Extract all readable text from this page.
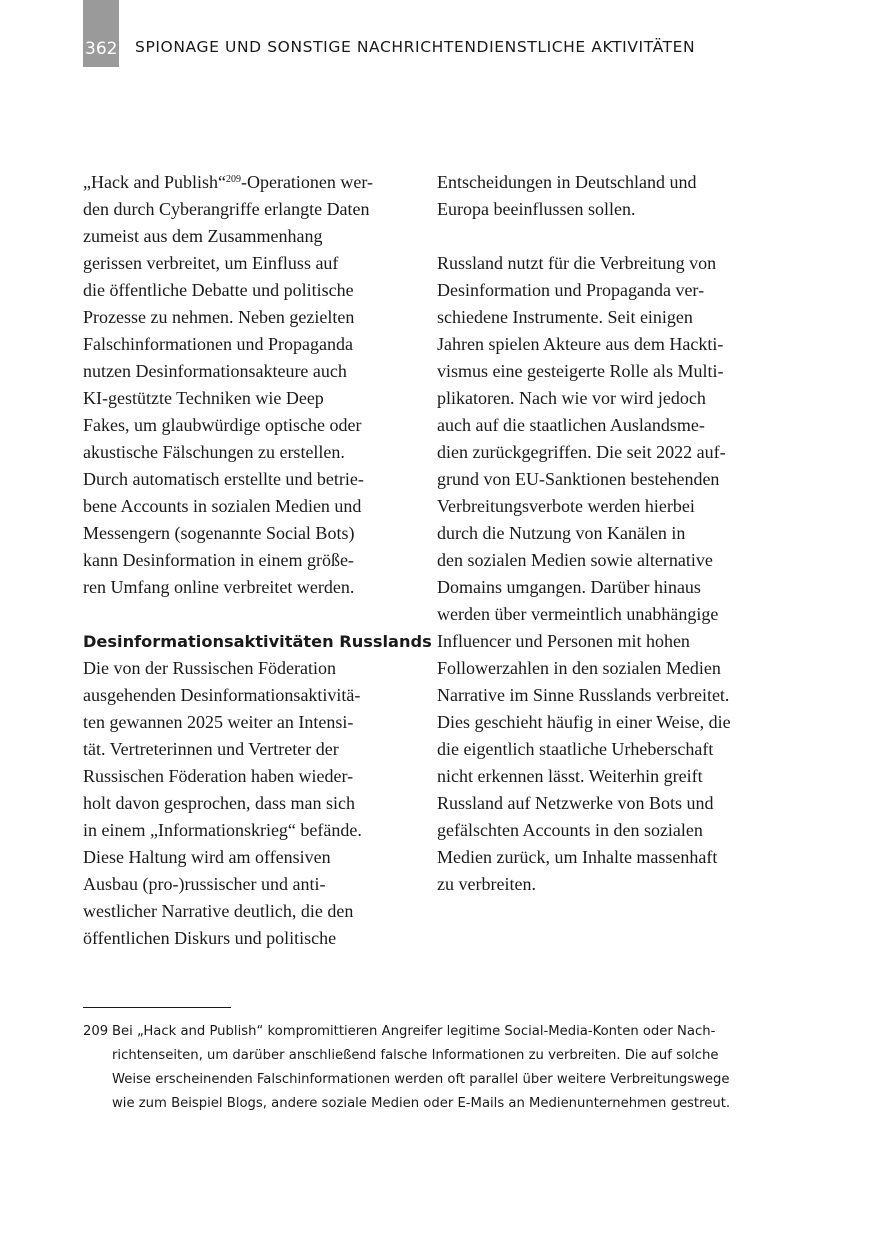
362 SPIONAGE UND SONSTIGE NACHRICHTENDIENSTLICHE AKTIVITÄTEN
„Hack and Publish“$^{209}$-Operationen wer-
den durch Cyberangriffe erlangte Daten
zumeist aus dem Zusammenhang
gerissen verbreitet, um Einfluss auf
die öffentliche Debatte und politische
Prozesse zu nehmen. Neben gezielten
Falschinformationen und Propaganda
nutzen Desinformationsakteure auch
KI-gestützte Techniken wie Deep
Fakes, um glaubwürdige optische oder
akustische Fälschungen zu erstellen.
Durch automatisch erstellte und betrie-
bene Accounts in sozialen Medien und
Messengern (sogenannte Social Bots)
kann Desinformation in einem größe-
ren Umfang online verbreitet werden.
Desinformationsaktivitäten Russlands
Die von der Russischen Föderation
ausgehenden Desinformationsaktivitä-
ten gewannen 2025 weiter an Intensi-
tät. Vertreterinnen und Vertreter der
Russischen Föderation haben wieder-
holt davon gesprochen, dass man sich
in einem „Informationskrieg“ befände.
Diese Haltung wird am offensiven
Ausbau (pro-)russischer und anti-
westlicher Narrative deutlich, die den
öffentlichen Diskurs und politische
Entscheidungen in Deutschland und
Europa beeinflussen sollen.
Russland nutzt für die Verbreitung von
Desinformation und Propaganda ver-
schiedene Instrumente. Seit einigen
Jahren spielen Akteure aus dem Hackti-
vismus eine gesteigerte Rolle als Multi-
plikatoren. Nach wie vor wird jedoch
auch auf die staatlichen Auslandsme-
dien zurückgegriffen. Die seit 2022 auf-
grund von EU-Sanktionen bestehenden
Verbreitungsverbote werden hierbei
durch die Nutzung von Kanälen in
den sozialen Medien sowie alternative
Domains umgangen. Darüber hinaus
werden über vermeintlich unabhängige
Influencer und Personen mit hohen
Followerzahlen in den sozialen Medien
Narrative im Sinne Russlands verbreitet.
Dies geschieht häufig in einer Weise, die
die eigentlich staatliche Urheberschaft
nicht erkennen lässt. Weiterhin greift
Russland auf Netzwerke von Bots und
gefälschten Accounts in den sozialen
Medien zurück, um Inhalte massenhaft
zu verbreiten.
209 Bei „Hack and Publish“ kompromittieren Angreifer legitime Social-Media-Konten oder Nach-
richtenseiten, um darüber anschließend falsche Informationen zu verbreiten. Die auf solche
Weise erscheinenden Falschinformationen werden oft parallel über weitere Verbreitungswege
wie zum Beispiel Blogs, andere soziale Medien oder E-Mails an Medienunternehmen gestreut.
